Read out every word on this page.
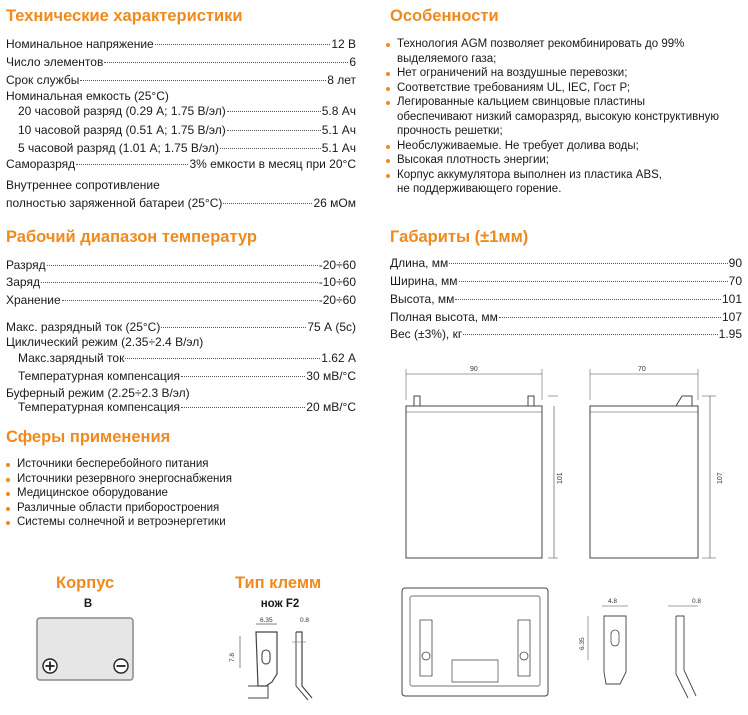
Технические характеристики
Номинальное напряжение	12 В
Число элементов	6
Срок службы	8 лет
Номинальная емкость (25°C)
20 часовой разряд (0.29 А; 1.75 В/эл)	5.8 Ач
10 часовой разряд (0.51 А; 1.75 В/эл)	5.1 Ач
5 часовой разряд (1.01 А; 1.75 В/эл)	5.1 Ач
Саморазряд	3% емкости в месяц при 20°C
Внутреннее сопротивление
полностью заряженной батареи (25°C)	26 мОм
Рабочий диапазон температур
Разряд	-20÷60
Заряд	-10÷60
Хранение	-20÷60
Макс. разрядный ток (25°C)	75 А (5с)
Циклический режим (2.35÷2.4 В/эл)
Макс.зарядный ток	1.62 А
Температурная компенсация	30 мВ/°C
Буферный режим (2.25÷2.3 В/эл)
Температурная компенсация	20 мВ/°C
Сферы применения
Источники бесперебойного питания
Источники резервного энергоснабжения
Медицинское оборудование
Различные области приборостроения
Системы солнечной и ветроэнергетики
Корпус
B
Тип клемм
нож F2
6.35	0.8
7.8
Особенности
Технология AGM позволяет рекомбинировать до 99%
выделяемого газа;
Нет ограничений на воздушные перевозки;
Соответствие требованиям UL, IEC, Гост Р;
Легированные кальцием свинцовые пластины
обеспечивают низкий саморазряд, высокую конструктивную
прочность решетки;
Необслуживаемые. Не требует долива воды;
Высокая плотность энергии;
Корпус аккумулятора выполнен из пластика ABS,
не поддерживающего горение.
Габариты (±1мм)
Длина, мм	90
Ширина, мм	70
Высота, мм	101
Полная высота, мм	107
Вес (±3%), кг	1.95
90	70
101	107
4.8	0.8
6.35
